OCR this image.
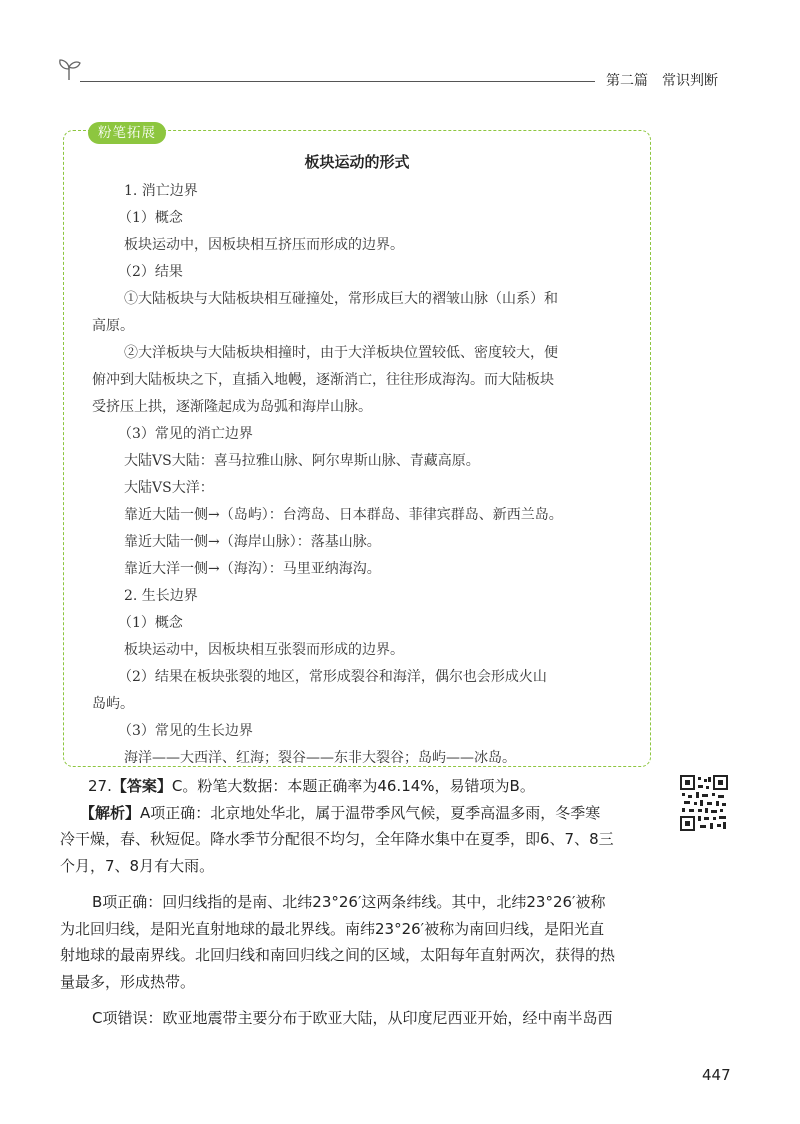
第二篇　常识判断
板块运动的形式
1. 消亡边界
（1）概念
板块运动中，因板块相互挤压而形成的边界。
（2）结果
①大陆板块与大陆板块相互碰撞处，常形成巨大的褶皱山脉（山系）和
高原。
②大洋板块与大陆板块相撞时，由于大洋板块位置较低、密度较大，便
俯冲到大陆板块之下，直插入地幔，逐渐消亡，往往形成海沟。而大陆板块
受挤压上拱，逐渐隆起成为岛弧和海岸山脉。
（3）常见的消亡边界
大陆VS大陆：喜马拉雅山脉、阿尔卑斯山脉、青藏高原。
大陆VS大洋：
靠近大陆一侧→（岛屿）：台湾岛、日本群岛、菲律宾群岛、新西兰岛。
靠近大陆一侧→（海岸山脉）：落基山脉。
靠近大洋一侧→（海沟）：马里亚纳海沟。
2. 生长边界
（1）概念
板块运动中，因板块相互张裂而形成的边界。
（2）结果在板块张裂的地区，常形成裂谷和海洋，偶尔也会形成火山
岛屿。
（3）常见的生长边界
海洋——大西洋、红海；裂谷——东非大裂谷；岛屿——冰岛。
粉笔拓展
27.【答案】C。粉笔大数据：本题正确率为46.14%，易错项为B。
【解析】A项正确：北京地处华北，属于温带季风气候，夏季高温多雨，冬季寒
冷干燥，春、秋短促。降水季节分配很不均匀，全年降水集中在夏季，即6、7、8三
个月，7、8月有大雨。
B项正确：回归线指的是南、北纬23°26′这两条纬线。其中，北纬23°26′被称
为北回归线，是阳光直射地球的最北界线。南纬23°26′被称为南回归线，是阳光直
射地球的最南界线。北回归线和南回归线之间的区域，太阳每年直射两次，获得的热
量最多，形成热带。
C项错误：欧亚地震带主要分布于欧亚大陆，从印度尼西亚开始，经中南半岛西
447
